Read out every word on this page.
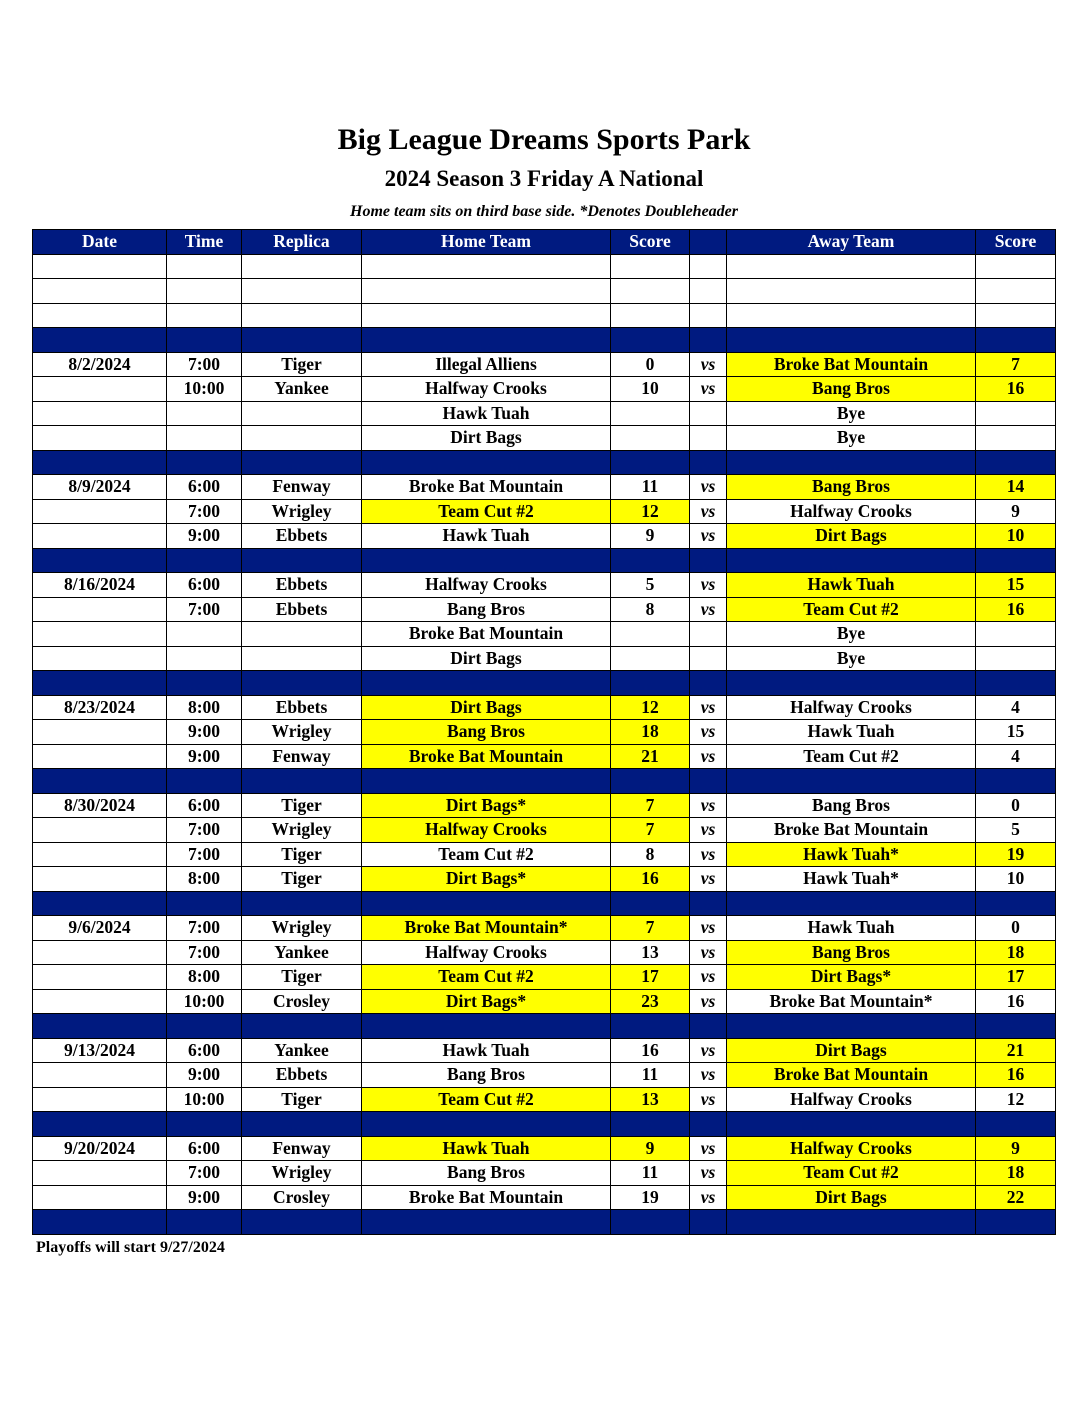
Big League Dreams Sports Park
2024 Season 3 Friday A National
Home team sits on third base side. *Denotes Doubleheader
Date	Time	Replica	Home Team	Score		Away Team	Score

8/2/2024	7:00	Tiger	Illegal Alliens	0	vs	Broke Bat Mountain	7
	10:00	Yankee	Halfway Crooks	10	vs	Bang Bros	16
			Hawk Tuah			Bye	
			Dirt Bags			Bye	

8/9/2024	6:00	Fenway	Broke Bat Mountain	11	vs	Bang Bros	14
	7:00	Wrigley	Team Cut #2	12	vs	Halfway Crooks	9
	9:00	Ebbets	Hawk Tuah	9	vs	Dirt Bags	10

8/16/2024	6:00	Ebbets	Halfway Crooks	5	vs	Hawk Tuah	15
	7:00	Ebbets	Bang Bros	8	vs	Team Cut #2	16
			Broke Bat Mountain			Bye	
			Dirt Bags			Bye	

8/23/2024	8:00	Ebbets	Dirt Bags	12	vs	Halfway Crooks	4
	9:00	Wrigley	Bang Bros	18	vs	Hawk Tuah	15
	9:00	Fenway	Broke Bat Mountain	21	vs	Team Cut #2	4

8/30/2024	6:00	Tiger	Dirt Bags*	7	vs	Bang Bros	0
	7:00	Wrigley	Halfway Crooks	7	vs	Broke Bat Mountain	5
	7:00	Tiger	Team Cut #2	8	vs	Hawk Tuah*	19
	8:00	Tiger	Dirt Bags*	16	vs	Hawk Tuah*	10

9/6/2024	7:00	Wrigley	Broke Bat Mountain*	7	vs	Hawk Tuah	0
	7:00	Yankee	Halfway Crooks	13	vs	Bang Bros	18
	8:00	Tiger	Team Cut #2	17	vs	Dirt Bags*	17
	10:00	Crosley	Dirt Bags*	23	vs	Broke Bat Mountain*	16

9/13/2024	6:00	Yankee	Hawk Tuah	16	vs	Dirt Bags	21
	9:00	Ebbets	Bang Bros	11	vs	Broke Bat Mountain	16
	10:00	Tiger	Team Cut #2	13	vs	Halfway Crooks	12

9/20/2024	6:00	Fenway	Hawk Tuah	9	vs	Halfway Crooks	9
	7:00	Wrigley	Bang Bros	11	vs	Team Cut #2	18
	9:00	Crosley	Broke Bat Mountain	19	vs	Dirt Bags	22

Playoffs will start 9/27/2024
